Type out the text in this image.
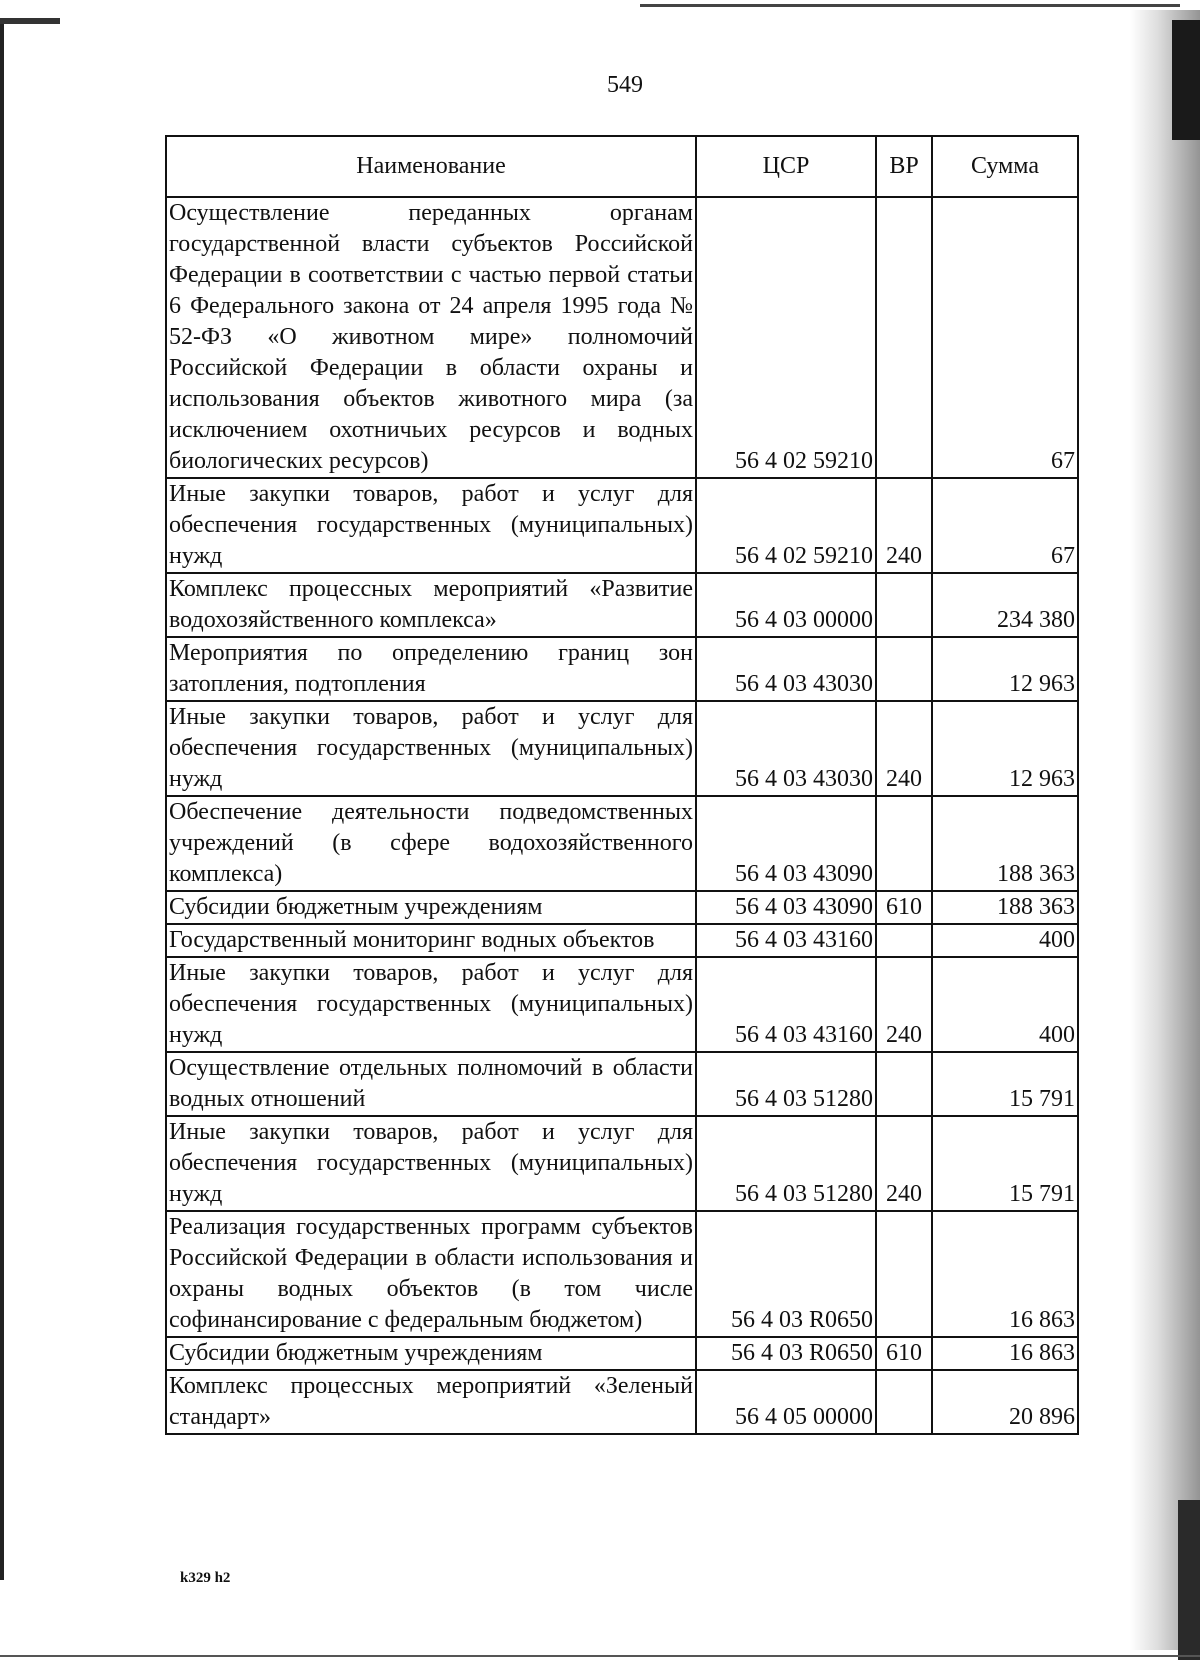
549
Наименование	ЦСР	ВР	Сумма
Осуществление переданных органам государственной власти субъектов Российской Федерации в соответствии с частью первой статьи 6 Федерального закона от 24 апреля 1995 года № 52-ФЗ «О животном мире» полномочий Российской Федерации в области охраны и использования объектов животного мира (за исключением охотничьих ресурсов и водных биологических ресурсов)	56 4 02 59210		67
Иные закупки товаров, работ и услуг для обеспечения государственных (муниципальных) нужд	56 4 02 59210	240	67
Комплекс процессных мероприятий «Развитие водохозяйственного комплекса»	56 4 03 00000		234 380
Мероприятия по определению границ зон затопления, подтопления	56 4 03 43030		12 963
Иные закупки товаров, работ и услуг для обеспечения государственных (муниципальных) нужд	56 4 03 43030	240	12 963
Обеспечение деятельности подведомственных учреждений (в сфере водохозяйственного комплекса)	56 4 03 43090		188 363
Субсидии бюджетным учреждениям	56 4 03 43090	610	188 363
Государственный мониторинг водных объектов	56 4 03 43160		400
Иные закупки товаров, работ и услуг для обеспечения государственных (муниципальных) нужд	56 4 03 43160	240	400
Осуществление отдельных полномочий в области водных отношений	56 4 03 51280		15 791
Иные закупки товаров, работ и услуг для обеспечения государственных (муниципальных) нужд	56 4 03 51280	240	15 791
Реализация государственных программ субъектов Российской Федерации в области использования и охраны водных объектов (в том числе софинансирование с федеральным бюджетом)	56 4 03 R0650		16 863
Субсидии бюджетным учреждениям	56 4 03 R0650	610	16 863
Комплекс процессных мероприятий «Зеленый стандарт»	56 4 05 00000		20 896
k329 h2
